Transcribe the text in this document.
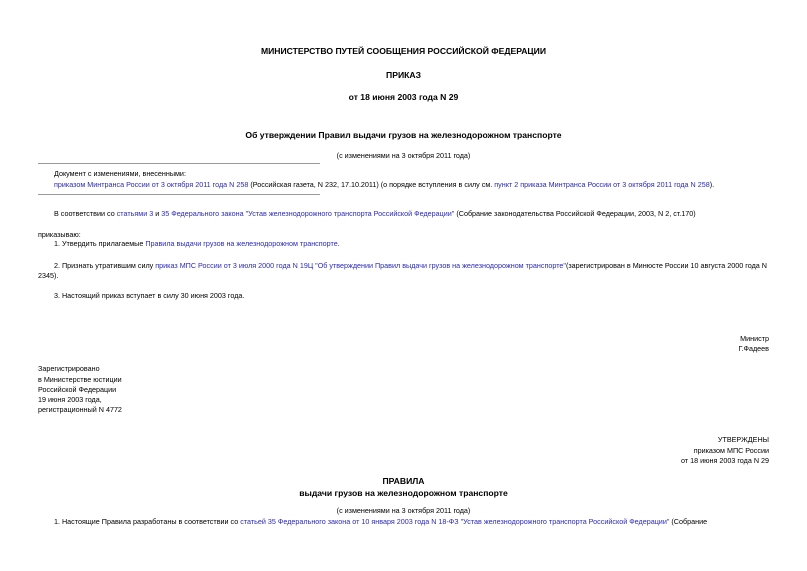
МИНИСТЕРСТВО ПУТЕЙ СООБЩЕНИЯ РОССИЙСКОЙ ФЕДЕРАЦИИ
ПРИКАЗ
от 18 июня 2003 года N 29
Об утверждении Правил выдачи грузов на железнодорожном транспорте
(с изменениями на 3 октября 2011 года)
Документ с изменениями, внесенными:
приказом Минтранса России от 3 октября 2011 года N 258 (Российская газета, N 232, 17.10.2011) (о порядке вступления в силу см. пункт 2 приказа Минтранса России от 3 октября 2011 года N 258).
В соответствии со статьями 3 и 35 Федерального закона "Устав железнодорожного транспорта Российской Федерации" (Собрание законодательства Российской Федерации, 2003, N 2, ст.170)
приказываю:
1. Утвердить прилагаемые Правила выдачи грузов на железнодорожном транспорте.
2. Признать утратившим силу приказ МПС России от 3 июля 2000 года N 19Ц "Об утверждении Правил выдачи грузов на железнодорожном транспорте"(зарегистрирован в Минюсте России 10 августа 2000 года N
2345).
3. Настоящий приказ вступает в силу 30 июня 2003 года.
Министр
Г.Фадеев
Зарегистрировано
в Министерстве юстиции
Российской Федерации
19 июня 2003 года,
регистрационный N 4772
УТВЕРЖДЕНЫ
приказом МПС России
от 18 июня 2003 года N 29
ПРАВИЛА
выдачи грузов на железнодорожном транспорте
(с изменениями на 3 октября 2011 года)
1. Настоящие Правила разработаны в соответствии со статьей 35 Федерального закона от 10 января 2003 года N 18-ФЗ "Устав железнодорожного транспорта Российской Федерации" (Собрание
